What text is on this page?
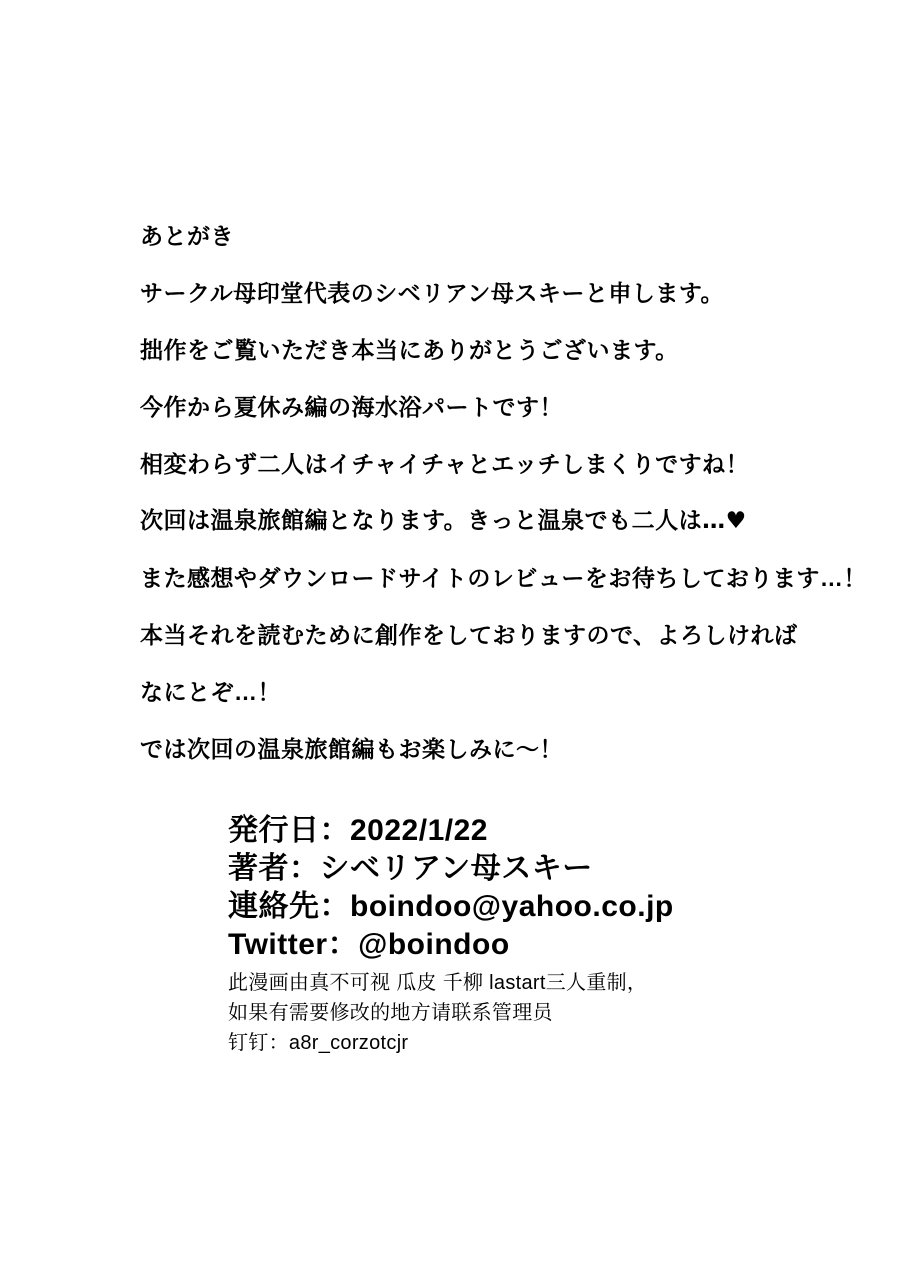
あとがき
サークル母印堂代表のシベリアン母スキーと申します。
拙作をご覧いただき本当にありがとうございます。
今作から夏休み編の海水浴パートです！
相変わらず二人はイチャイチャとエッチしまくりですね！
次回は温泉旅館編となります。きっと温泉でも二人は…♥
また感想やダウンロードサイトのレビューをお待ちしております…！
本当それを読むために創作をしておりますので、よろしければ
なにとぞ…！
では次回の温泉旅館編もお楽しみに～！
発行日：2022/1/22
著者：シベリアン母スキー
連絡先：boindoo@yahoo.co.jp
Twitter：@boindoo
此漫画由真不可视 瓜皮 千柳 lastart三人重制，
如果有需要修改的地方请联系管理员
钉钉：a8r_corzotcjr
